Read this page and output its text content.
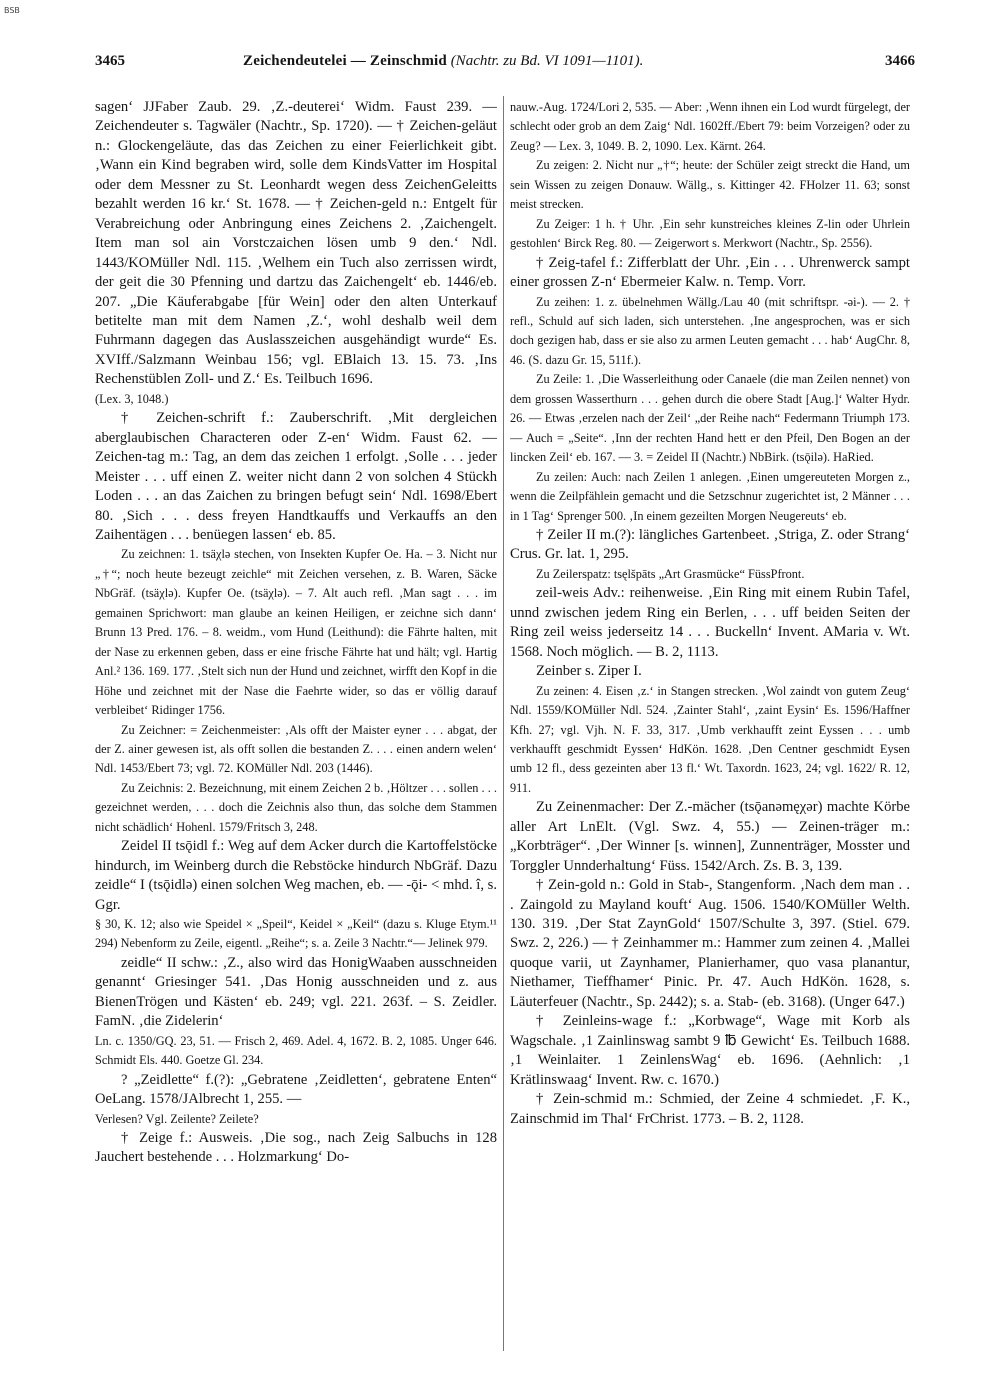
BSB
3465	Zeichendeutelei — Zeinschmid (Nachtr. zu Bd. VI 1091—1101).	3466

sagen‘ JJFaber Zaub. 29. ‚Z.-deuterei‘ Widm. Faust 239. — Zeichendeuter s. Tagwäler (Nachtr., Sp. 1720). — † Zeichen-geläut n.: Glockengeläute, das das Zeichen zu einer Feierlichkeit gibt. ‚Wann ein Kind begraben wird, solle dem KindsVatter im Hospital oder dem Messner zu St. Leonhardt wegen dess ZeichenGeleitts bezahlt werden 16 kr.‘ St. 1678. — † Zeichen-geld n.: Entgelt für Verabreichung oder Anbringung eines Zeichens 2. ‚Zaichengelt. Item man sol ain Vorstczaichen lösen umb 9 den.‘ Ndl. 1443/KOMüller Ndl. 115. ‚Welhem ein Tuch also zerrissen wirdt, der geit die 30 Pfenning und dartzu das Zaichengelt‘ eb. 1446/eb. 207. „Die Käuferabgabe [für Wein] oder den alten Unterkauf betitelte man mit dem Namen ‚Z.‘, wohl deshalb weil dem Fuhrmann dagegen das Auslasszeichen ausgehändigt wurde“ Es. XVIff./Salzmann Weinbau 156; vgl. EBlaich 13. 15. 73. ‚Ins Rechenstüblen Zoll- und Z.‘ Es. Teilbuch 1696.

(Lex. 3, 1048.)

† Zeichen-schrift f.: Zauberschrift. ‚Mit dergleichen aberglaubischen Characteren oder Z-en‘ Widm. Faust 62. — Zeichen-tag m.: Tag, an dem das zeichen 1 erfolgt. ‚Solle . . . jeder Meister . . . uff einen Z. weiter nicht dann 2 von solchen 4 Stückh Loden . . . an das Zaichen zu bringen befugt sein‘ Ndl. 1698/Ebert 80. ‚Sich . . . dess freyen Handtkauffs und Verkauffs an den Zaihentägen . . . benüegen lassen‘ eb. 85.

Zu zeichnen: 1. tsäχlə stechen, von Insekten Kupfer Oe. Ha. – 3. Nicht nur „†“; noch heute bezeugt zeichle“ mit Zeichen versehen, z. B. Waren, Säcke NbGräf. (tsäχlə). Kupfer Oe. (tsäχlə). – 7. Alt auch refl. ‚Man sagt . . . im gemainen Sprichwort: man glaube an keinen Heiligen, er zeichne sich dann‘ Brunn 13 Pred. 176. – 8. weidm., vom Hund (Leithund): die Fährte halten, mit der Nase zu erkennen geben, dass er eine frische Fährte hat und hält; vgl. Hartig Anl.² 136. 169. 177. ‚Stelt sich nun der Hund und zeichnet, wirfft den Kopf in die Höhe und zeichnet mit der Nase die Faehrte wider, so das er völlig darauf verbleibet‘ Ridinger 1756.

Zu Zeichner: = Zeichenmeister: ‚Als offt der Maister eyner . . . abgat, der der Z. ainer gewesen ist, als offt sollen die bestanden Z. . . . einen andern welen‘ Ndl. 1453/Ebert 73; vgl. 72. KOMüller Ndl. 203 (1446).

Zu Zeichnis: 2. Bezeichnung, mit einem Zeichen 2 b. ‚Höltzer . . . sollen . . . gezeichnet werden, . . . doch die Zeichnis also thun, das solche dem Stammen nicht schädlich‘ Hohenl. 1579/Fritsch 3, 248.

Zeidel II tsǭidl f.: Weg auf dem Acker durch die Kartoffelstöcke hindurch, im Weinberg durch die Rebstöcke hindurch NbGräf. Dazu zeidle“ I (tsǭidlə) einen solchen Weg machen, eb. — -ǭi- < mhd. î, s. Ggr.

§ 30, K. 12; also wie Speidel × „Speil“, Keidel × „Keil“ (dazu s. Kluge Etym.¹¹ 294) Nebenform zu Zeile, eigentl. „Reihe“; s. a. Zeile 3 Nachtr.“— Jelinek 979.

zeidle“ II schw.: ‚Z., also wird das HonigWaaben ausschneiden genannt‘ Griesinger 541. ‚Das Honig ausschneiden und z. aus BienenTrögen und Kästen‘ eb. 249; vgl. 221. 263f. – S. Zeidler. FamN. ‚die Zidelerin‘

Ln. c. 1350/GQ. 23, 51. — Frisch 2, 469. Adel. 4, 1672. B. 2, 1085. Unger 646. Schmidt Els. 440. Goetze Gl. 234.

? „Zeidlette“ f.(?): „Gebratene ‚Zeidletten‘, gebratene Enten“ OeLang. 1578/JAlbrecht 1, 255. —

Verlesen? Vgl. Zeilente? Zeilete?

† Zeige f.: Ausweis. ‚Die sog., nach Zeig Salbuchs in 128 Jauchert bestehende . . . Holzmarkung‘ Do-

nauw.-Aug. 1724/Lori 2, 535. — Aber: ‚Wenn ihnen ein Lod wurdt fürgelegt, der schlecht oder grob an dem Zaig‘ Ndl. 1602ff./Ebert 79: beim Vorzeigen? oder zu Zeug? — Lex. 3, 1049. B. 2, 1090. Lex. Kärnt. 264.

Zu zeigen: 2. Nicht nur „†“; heute: der Schüler zeigt streckt die Hand, um sein Wissen zu zeigen Donauw. Wällg., s. Kittinger 42. FHolzer 11. 63; sonst meist strecken.

Zu Zeiger: 1 h. † Uhr. ‚Ein sehr kunstreiches kleines Z-lin oder Uhrlein gestohlen‘ Birck Reg. 80. — Zeigerwort s. Merkwort (Nachtr., Sp. 2556).

† Zeig-tafel f.: Zifferblatt der Uhr. ‚Ein . . . Uhrenwerck sampt einer grossen Z-n‘ Ebermeier Kalw. n. Temp. Vorr.

Zu zeihen: 1. z. übelnehmen Wällg./Lau 40 (mit schriftspr. -əi-). — 2. † refl., Schuld auf sich laden, sich unterstehen. ‚Ine angesprochen, was er sich doch gezigen hab, dass er sie also zu armen Leuten gemacht . . . hab‘ AugChr. 8, 46. (S. dazu Gr. 15, 511f.).

Zu Zeile: 1. ‚Die Wasserleithung oder Canaele (die man Zeilen nennet) von dem grossen Wasserthurn . . . gehen durch die obere Stadt [Aug.]‘ Walter Hydr. 26. — Etwas ‚erzelen nach der Zeil‘ „der Reihe nach“ Federmann Triumph 173. — Auch = „Seite“. ‚Inn der rechten Hand hett er den Pfeil, Den Bogen an der lincken Zeil‘ eb. 167. — 3. = Zeidel II (Nachtr.) NbBirk. (tsǭilə). HaRied.

Zu zeilen: Auch: nach Zeilen 1 anlegen. ‚Einen umgereuteten Morgen z., wenn die Zeilpfählein gemacht und die Setzschnur zugerichtet ist, 2 Männer . . . in 1 Tag‘ Sprenger 500. ‚In einem gezeilten Morgen Neugereuts‘ eb.

† Zeiler II m.(?): längliches Gartenbeet. ‚Striga, Z. oder Strang‘ Crus. Gr. lat. 1, 295.

Zu Zeilerspatz: tsęlšpāts „Art Grasmücke“ FüssPfront.

zeil-weis Adv.: reihenweise. ‚Ein Ring mit einem Rubin Tafel, unnd zwischen jedem Ring ein Berlen, . . . uff beiden Seiten der Ring zeil weiss jederseitz 14 . . . Buckelln‘ Invent. AMaria v. Wt. 1568. Noch möglich. — B. 2, 1113.

Zeinber s. Ziper I.

Zu zeinen: 4. Eisen ‚z.‘ in Stangen strecken. ‚Wol zaindt von gutem Zeug‘ Ndl. 1559/KOMüller Ndl. 524. ‚Zainter Stahl‘, ‚zaint Eysin‘ Es. 1596/Haffner Kfh. 27; vgl. Vjh. N. F. 33, 317. ‚Umb verkhaufft zeint Eyssen . . . umb verkhaufft geschmidt Eyssen‘ HdKön. 1628. ‚Den Centner geschmidt Eysen umb 12 fl., dess gezeinten aber 13 fl.‘ Wt. Taxordn. 1623, 24; vgl. 1622/ R. 12, 911.

Zu Zeinenmacher: Der Z.-mächer (tsǭanəmęχər) machte Körbe aller Art LnElt. (Vgl. Swz. 4, 55.) — Zeinen-träger m.: „Korbträger“. ‚Der Winner [s. winnen], Zunnenträger, Mosster und Torggler Unnderhaltung‘ Füss. 1542/Arch. Zs. B. 3, 139.

† Zein-gold n.: Gold in Stab-, Stangenform. ‚Nach dem man . . . Zaingold zu Mayland kouft‘ Aug. 1506. 1540/KOMüller Welth. 130. 319. ‚Der Stat ZaynGold‘ 1507/Schulte 3, 397. (Stiel. 679. Swz. 2, 226.) — † Zeinhammer m.: Hammer zum zeinen 4. ‚Mallei quoque varii, ut Zaynhamer, Planierhamer, quo vasa planantur, Niethamer, Tieffhamer‘ Pinic. Pr. 47. Auch HdKön. 1628, s. Läuterfeuer (Nachtr., Sp. 2442); s. a. Stab- (eb. 3168). (Unger 647.)

† Zeinleins-wage f.: „Korbwage“, Wage mit Korb als Wagschale. ‚1 Zainlinswag sambt 9 ℔ Gewicht‘ Es. Teilbuch 1688. ‚1 Weinlaiter. 1 ZeinlensWag‘ eb. 1696. (Aehnlich: ‚1 Krätlinswaag‘ Invent. Rw. c. 1670.)

† Zein-schmid m.: Schmied, der Zeine 4 schmiedet. ‚F. K., Zainschmid im Thal‘ FrChrist. 1773. – B. 2, 1128.
